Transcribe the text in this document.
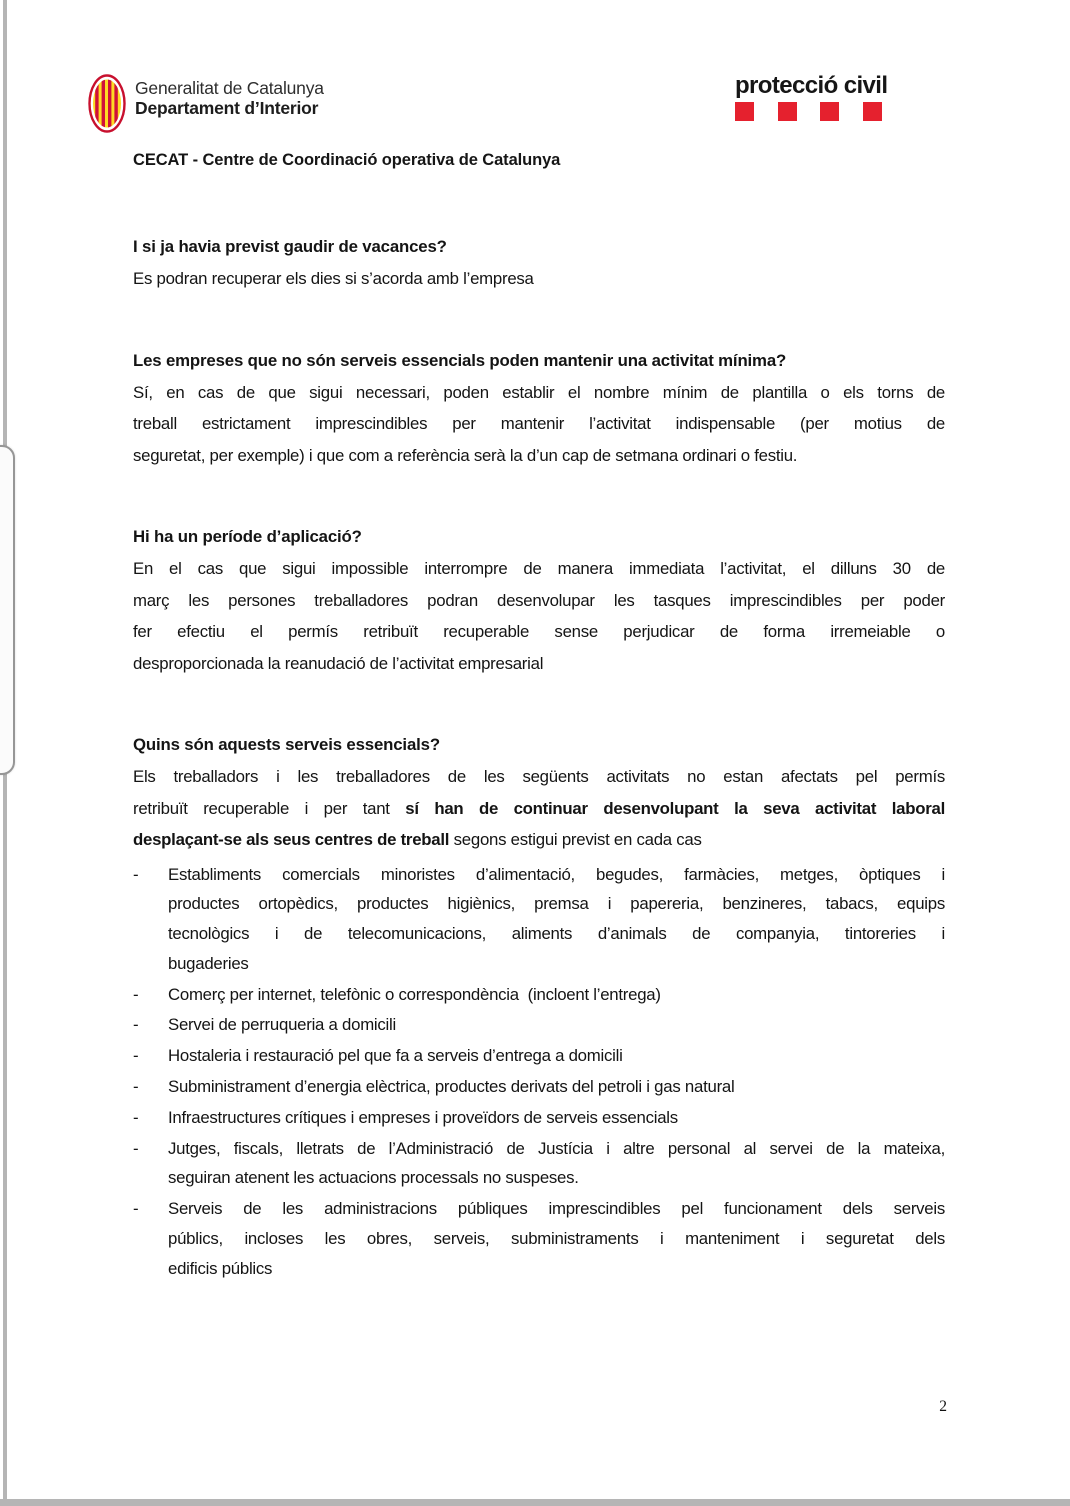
Generalitat de Catalunya
Departament d’Interior
CECAT - Centre de Coordinació operativa de Catalunya
protecció civil
I si ja havia previst gaudir de vacances?
Es podran recuperar els dies si s’acorda amb l’empresa
Les empreses que no són serveis essencials poden mantenir una activitat mínima?
Sí, en cas de que sigui necessari, poden establir el nombre mínim de plantilla o els torns de
treball estrictament imprescindibles per mantenir l’activitat indispensable (per motius de
seguretat, per exemple) i que com a referència serà la d’un cap de setmana ordinari o festiu.
Hi ha un període d’aplicació?
En el cas que sigui impossible interrompre de manera immediata l’activitat, el dilluns 30 de
març les persones treballadores podran desenvolupar les tasques imprescindibles per poder
fer efectiu el permís retribuït recuperable sense perjudicar de forma irremeiable o
desproporcionada la reanudació de l’activitat empresarial
Quins són aquests serveis essencials?
Els treballadors i les treballadores de les següents activitats no estan afectats pel permís
retribuït recuperable i per tant sí han de continuar desenvolupant la seva activitat laboral
desplaçant-se als seus centres de treball segons estigui previst en cada cas
- Establiments comercials minoristes d’alimentació, begudes, farmàcies, metges, òptiques i
productes ortopèdics, productes higiènics, premsa i papereria, benzineres, tabacs, equips
tecnològics i de telecomunicacions, aliments d’animals de companyia, tintoreries i
bugaderies
- Comerç per internet, telefònic o correspondència  (incloent l’entrega)
- Servei de perruqueria a domicili
- Hostaleria i restauració pel que fa a serveis d’entrega a domicili
- Subministrament d’energia elèctrica, productes derivats del petroli i gas natural
- Infraestructures crítiques i empreses i proveïdors de serveis essencials
- Jutges, fiscals, lletrats de l’Administració de Justícia i altre personal al servei de la mateixa,
seguiran atenent les actuacions processals no suspeses.
- Serveis de les administracions públiques imprescindibles pel funcionament dels serveis
públics, incloses les obres, serveis, subministraments i manteniment i seguretat dels
edificis públics
2
